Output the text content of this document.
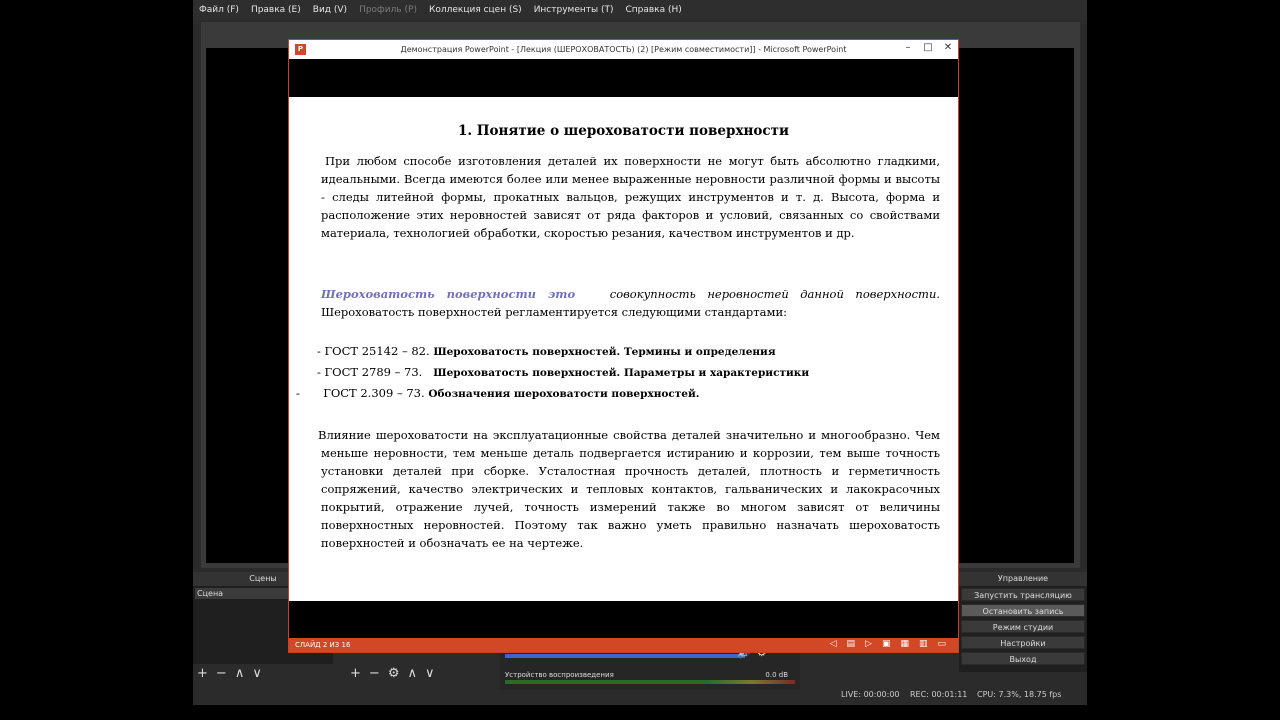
Файл (F)	Правка (E)	Вид (V)	Профиль (P)	Коллекция сцен (S)	Инструменты (T)	Справка (H)
Сцены
Сцена
+ − ∧ ∨	+ − ⚙ ∧ ∨	Устройство воспроизведения	0.0 dB
Управление
Запустить трансляцию
Остановить запись
Режим студии
Настройки
Выход
LIVE: 00:00:00 REC: 00:01:11 CPU: 7.3%, 18.75 fps
P	Демонстрация PowerPoint - [Лекция (ШЕРОХОВАТОСТЬ) (2) [Режим совместимости]] - Microsoft PowerPoint	–	□	✕
1. Понятие о шероховатости поверхности
При любом способе изготовления деталей их поверхности не могут быть абсолютно гладкими, идеальными. Всегда имеются более или менее выраженные неровности различной формы и высоты - следы литейной формы, прокатных вальцов, режущих инструментов и т. д. Высота, форма и расположение этих неровностей зависят от ряда факторов и условий, связанных со свойствами материала, технологией обработки, скоростью резания, качеством инструментов и др.
Шероховатость поверхности это	совокупность неровностей данной поверхности. Шероховатость поверхностей регламентируется следующими стандартами:
- ГОСТ 25142 – 82. Шероховатость поверхностей. Термины и определения
- ГОСТ 2789 – 73. Шероховатость поверхностей. Параметры и характеристики
- ГОСТ 2.309 – 73. Обозначения шероховатости поверхностей.
Влияние шероховатости на эксплуатационные свойства деталей значительно и многообразно. Чем меньше неровности, тем меньше деталь подвергается истиранию и коррозии, тем выше точность установки деталей при сборке. Усталостная прочность деталей, плотность и герметичность сопряжений, качество электрических и тепловых контактов, гальванических и лакокрасочных покрытий, отражение лучей, точность измерений также во многом зависят от величины поверхностных неровностей. Поэтому так важно уметь правильно назначать шероховатость поверхностей и обозначать ее на чертеже.
СЛАЙД 2 ИЗ 16	◁ ▤ ▷ ▣ ▦ ▥ ▭
